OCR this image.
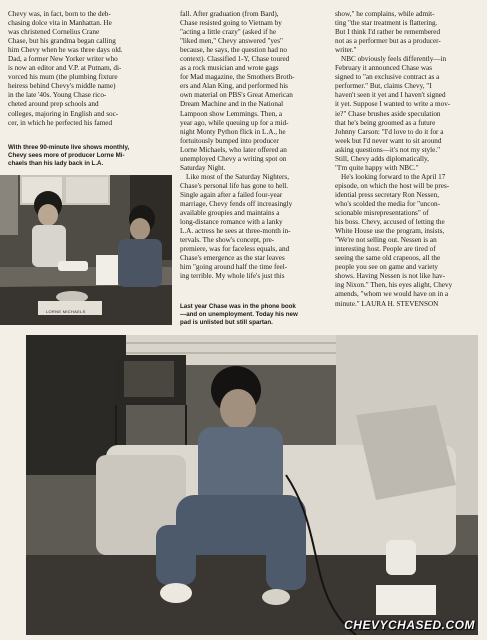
Chevy was, in fact, born to the deb-
chasing dolce vita in Manhattan. He
was christened Cornelius Crane
Chase, but his grandma began calling
him Chevy when he was three days old.
Dad, a former New Yorker writer who
is now an editor and V.P. at Putnam, di-
vorced his mum (the plumbing fixture
heiress behind Chevy's middle name)
in the late '40s. Young Chase rico-
cheted around prep schools and
colleges, majoring in English and soc-
cer, in which he perfected his famed

With three 90-minute live shows monthly,
Chevy sees more of producer Lorne Mi-
chaels than his lady back in L.A.
LORNE MICHAELS

fall. After graduation (from Bard),
Chase resisted going to Vietnam by
"acting a little crazy" (asked if he
"liked men," Chevy answered "yes"
because, he says, the question had no
context). Classified 1-Y, Chase toured
as a rock musician and wrote gags
for Mad magazine, the Smothers Broth-
ers and Alan King, and performed his
own material on PBS's Great American
Dream Machine and in the National
Lampoon show Lemmings. Then, a
year ago, while queuing up for a mid-
night Monty Python flick in L.A., he
fortuitously bumped into producer
Lorne Michaels, who later offered an
unemployed Chevy a writing spot on
Saturday Night.

Like most of the Saturday Nighters,
Chase's personal life has gone to hell.
Single again after a failed four-year
marriage, Chevy fends off increasingly
available groupies and maintains a
long-distance romance with a lanky
L.A. actress he sees at three-month in-
tervals. The show's concept, pre-
premiere, was for faceless equals, and
Chase's emergence as the star leaves
him "going around half the time feel-
ing terrible. My whole life's just this

Last year Chase was in the phone book
—and on unemployment. Today his new
pad is unlisted but still spartan.

show," he complains, while admit-
ting "the star treatment is flattering.
But I think I'd rather be remembered
not as a performer but as a producer-
writer."

NBC obviously feels differently—in
February it announced Chase was
signed to "an exclusive contract as a
performer." But, claims Chevy, "I
haven't seen it yet and I haven't signed
it yet. Suppose I wanted to write a mov-
ie?" Chase brushes aside speculation
that he's being groomed as a future
Johnny Carson: "I'd love to do it for a
week but I'd never want to sit around
asking questions—it's not my style."
Still, Chevy adds diplomatically,
"I'm quite happy with NBC."

He's looking forward to the April 17
episode, on which the host will be pres-
idential press secretary Ron Nessen,
who's scolded the media for "uncon-
scionable misrepresentations" of
his boss. Chevy, accused of letting the
White House use the program, insists,
"We're not selling out. Nessen is an
interesting host. People are tired of
seeing the same old crapeoos, all the
people you see on game and variety
shows. Having Nessen is not like hav-
ing Nixon." Then, his eyes alight, Chevy
amends, "whom we would have on in a
minute." LAURA H. STEVENSON

CHEVYCHASED.COM
